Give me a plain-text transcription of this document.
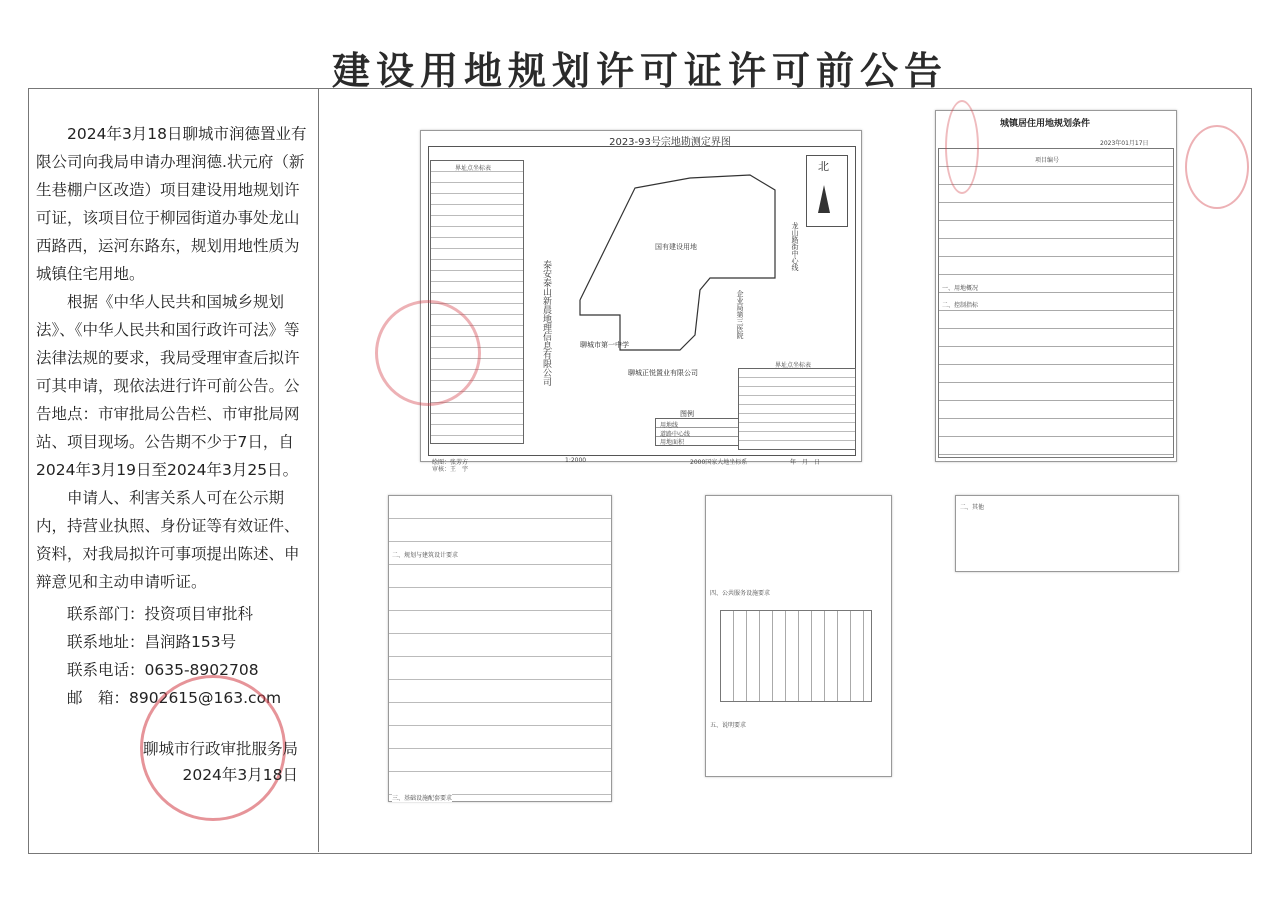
建设用地规划许可证许可前公告

2024年3月18日聊城市润德置业有限公司向我局申请办理润德.状元府（新生巷棚户区改造）项目建设用地规划许可证，该项目位于柳园街道办事处龙山西路西，运河东路东，规划用地性质为城镇住宅用地。

根据《中华人民共和国城乡规划法》、《中华人民共和国行政许可法》等法律法规的要求，我局受理审查后拟许可其申请，现依法进行许可前公告。公告地点：市审批局公告栏、市审批局网站、项目现场。公告期不少于7日，自2024年3月19日至2024年3月25日。

申请人、利害关系人可在公示期内，持营业执照、身份证等有效证件、资料，对我局拟许可事项提出陈述、申辩意见和主动申请听证。

联系部门：投资项目审批科
联系地址：昌润路153号
联系电话：0635-8902708
邮　箱：8902615@163.com
聊城市行政审批服务局
2024年3月18日
2023-93号宗地勘测定界图
界址点坐标表	北
国有建设用地	龙山路街中心线
企业局第三医院
聊城市第一中学
聊城正悦置业有限公司
泰安泰山新晨地理信息有限公司
图例
用地线
道路中心线
用地面积
界址点坐标表
绘图：张芳方
审核：王　宇
1:2000	2000国家大地坐标系	年　月　日
城镇居住用地规划条件
2023年01月17日
项目编号
一、用地概况
二、控制指标
二、规划与建筑设计要求
三、基础设施配套要求
四、公共服务设施要求
五、说明要求
二、其他
